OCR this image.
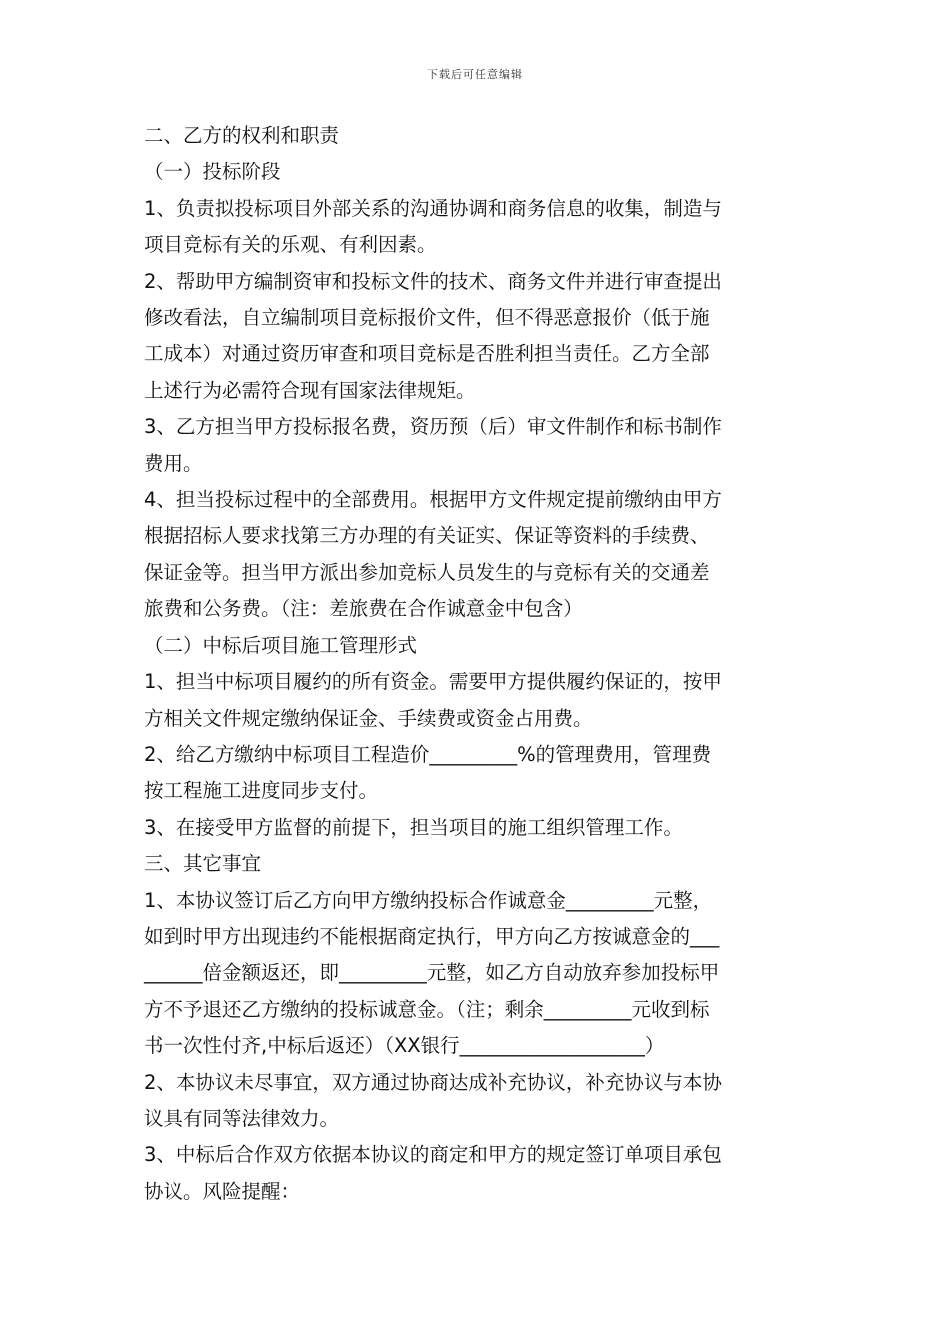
下载后可任意编辑

二、乙方的权利和职责

（一）投标阶段

1、负责拟投标项目外部关系的沟通协调和商务信息的收集，制造与

项目竞标有关的乐观、有利因素。

2、帮助甲方编制资审和投标文件的技术、商务文件并进行审查提出

修改看法，自立编制项目竞标报价文件，但不得恶意报价（低于施

工成本）对通过资历审查和项目竞标是否胜利担当责任。乙方全部

上述行为必需符合现有国家法律规矩。

3、乙方担当甲方投标报名费，资历预（后）审文件制作和标书制作

费用。

4、担当投标过程中的全部费用。根据甲方文件规定提前缴纳由甲方

根据招标人要求找第三方办理的有关证实、保证等资料的手续费、

保证金等。担当甲方派出参加竞标人员发生的与竞标有关的交通差

旅费和公务费。（注：差旅费在合作诚意金中包含）

（二）中标后项目施工管理形式

1、担当中标项目履约的所有资金。需要甲方提供履约保证的，按甲

方相关文件规定缴纳保证金、手续费或资金占用费。

2、给乙方缴纳中标项目工程造价_________%的管理费用，管理费

按工程施工进度同步支付。

3、在接受甲方监督的前提下，担当项目的施工组织管理工作。

三、其它事宜

1、本协议签订后乙方向甲方缴纳投标合作诚意金_________元整，

如到时甲方出现违约不能根据商定执行，甲方向乙方按诚意金的___

______倍金额返还，即_________元整，如乙方自动放弃参加投标甲

方不予退还乙方缴纳的投标诚意金。（注；剩余_________元收到标

书一次性付齐,中标后返还）（XX银行___________________）

2、本协议未尽事宜，双方通过协商达成补充协议，补充协议与本协

议具有同等法律效力。

3、中标后合作双方依据本协议的商定和甲方的规定签订单项目承包

协议。风险提醒：
